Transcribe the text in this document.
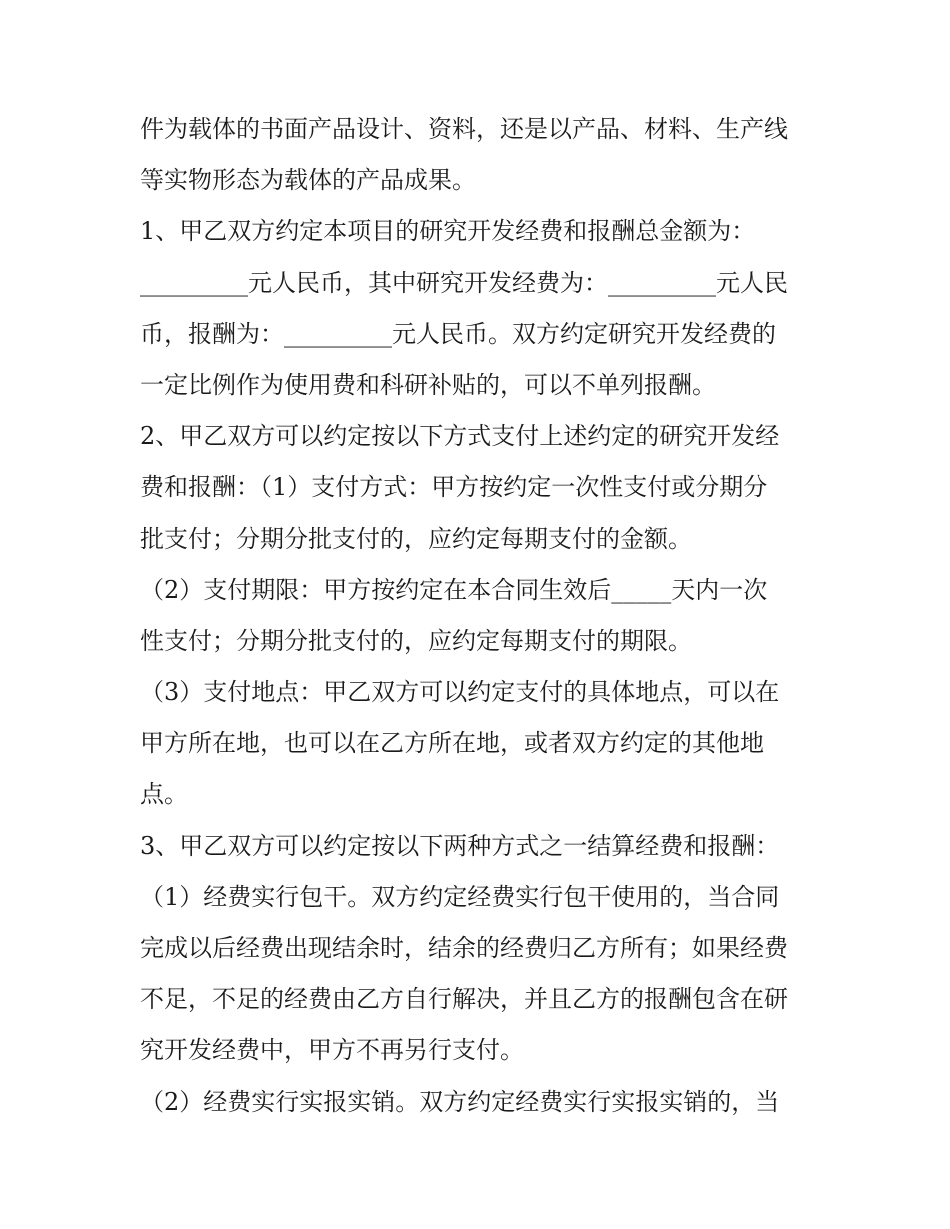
件为载体的书面产品设计、资料，还是以产品、材料、生产线
等实物形态为载体的产品成果。
1、甲乙双方约定本项目的研究开发经费和报酬总金额为：
_________元人民币，其中研究开发经费为：_________元人民
币，报酬为：_________元人民币。双方约定研究开发经费的
一定比例作为使用费和科研补贴的，可以不单列报酬。
2、甲乙双方可以约定按以下方式支付上述约定的研究开发经
费和报酬：（1）支付方式：甲方按约定一次性支付或分期分
批支付；分期分批支付的，应约定每期支付的金额。
（2）支付期限：甲方按约定在本合同生效后_____天内一次
性支付；分期分批支付的，应约定每期支付的期限。
（3）支付地点：甲乙双方可以约定支付的具体地点，可以在
甲方所在地，也可以在乙方所在地，或者双方约定的其他地
点。
3、甲乙双方可以约定按以下两种方式之一结算经费和报酬：
（1）经费实行包干。双方约定经费实行包干使用的，当合同
完成以后经费出现结余时，结余的经费归乙方所有；如果经费
不足，不足的经费由乙方自行解决，并且乙方的报酬包含在研
究开发经费中，甲方不再另行支付。
（2）经费实行实报实销。双方约定经费实行实报实销的，当
